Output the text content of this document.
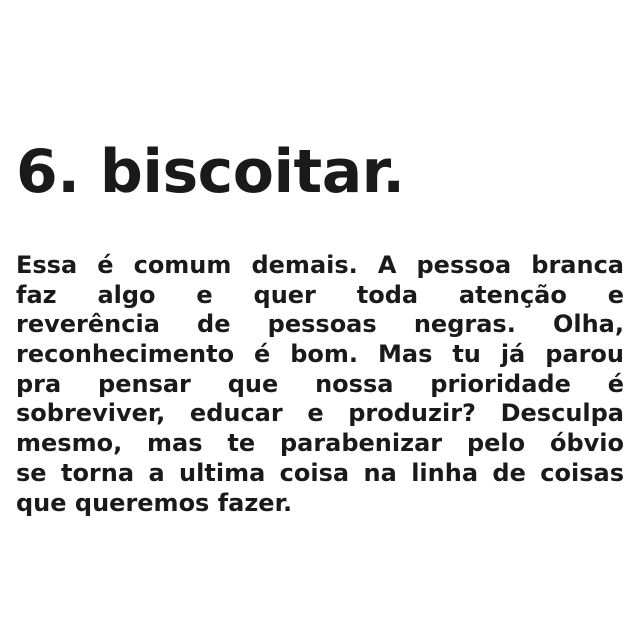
6. biscoitar.
Essa é comum demais. A pessoa branca
faz algo e quer toda atenção e
reverência de pessoas negras. Olha,
reconhecimento é bom. Mas tu já parou
pra pensar que nossa prioridade é
sobreviver, educar e produzir? Desculpa
mesmo, mas te parabenizar pelo óbvio
se torna a ultima coisa na linha de coisas
que queremos fazer.
